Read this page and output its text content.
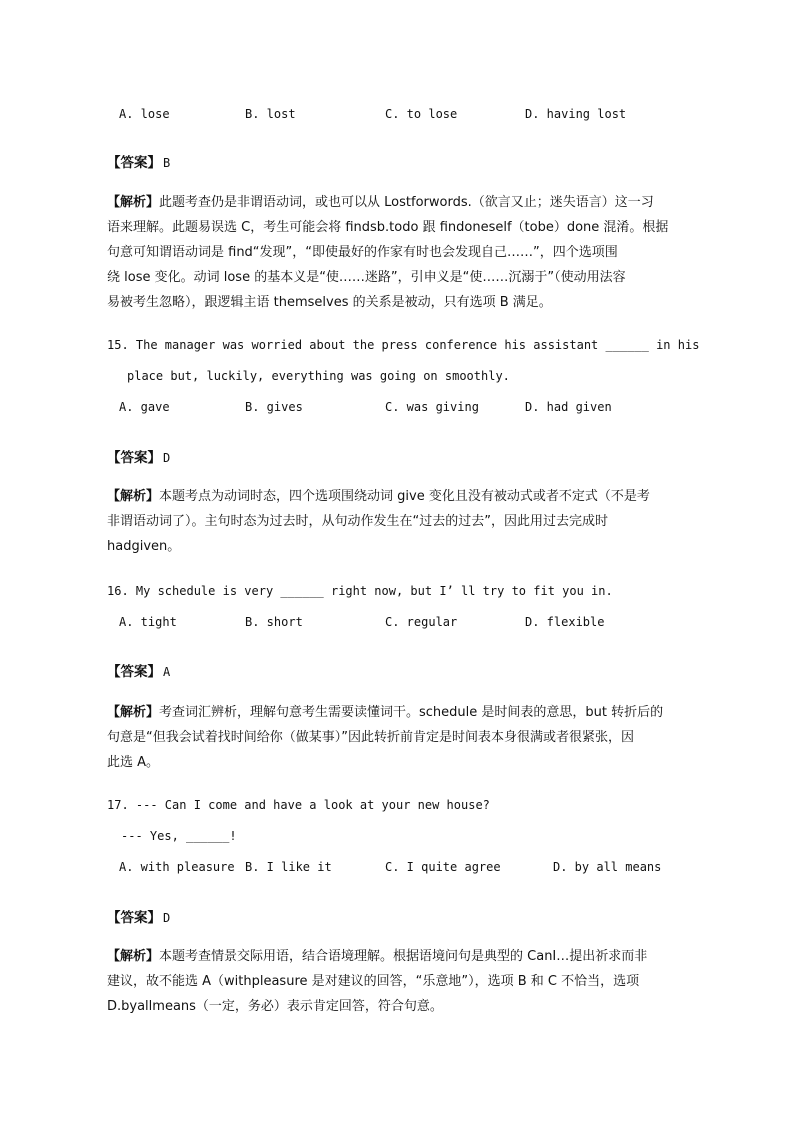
A. lose	B. lost	C. to lose	D. having lost
【答案】 B
【解析】此题考查仍是非谓语动词，或也可以从 Lostforwords.（欲言又止；迷失语言）这一习
语来理解。此题易误选 C，考生可能会将 findsb.todo 跟 findoneself（tobe）done 混淆。根据
句意可知谓语动词是 find“发现”，“即使最好的作家有时也会发现自己……”，四个选项围
绕 lose 变化。动词 lose 的基本义是“使……迷路”，引申义是“使……沉溺于”（使动用法容
易被考生忽略），跟逻辑主语 themselves 的关系是被动，只有选项 B 满足。
15. The manager was worried about the press conference his assistant ______ in his
place but, luckily, everything was going on smoothly.
A. gave	B. gives	C. was giving	D. had given
【答案】 D
【解析】本题考点为动词时态，四个选项围绕动词 give 变化且没有被动式或者不定式（不是考
非谓语动词了）。主句时态为过去时，从句动作发生在“过去的过去”，因此用过去完成时
hadgiven。
16. My schedule is very ______ right now, but I’ ll try to fit you in.
A. tight	B. short	C. regular	D. flexible
【答案】 A
【解析】考查词汇辨析，理解句意考生需要读懂词干。schedule 是时间表的意思，but 转折后的
句意是“但我会试着找时间给你（做某事）”因此转折前肯定是时间表本身很满或者很紧张，因
此选 A。
17. --- Can I come and have a look at your new house?
--- Yes, ______!
A. with pleasure B. I like it	C. I quite agree	D. by all means
【答案】 D
【解析】本题考查情景交际用语，结合语境理解。根据语境问句是典型的 CanI…提出祈求而非
建议，故不能选 A（withpleasure 是对建议的回答，“乐意地”），选项 B 和 C 不恰当，选项
D.byallmeans（一定，务必）表示肯定回答，符合句意。
